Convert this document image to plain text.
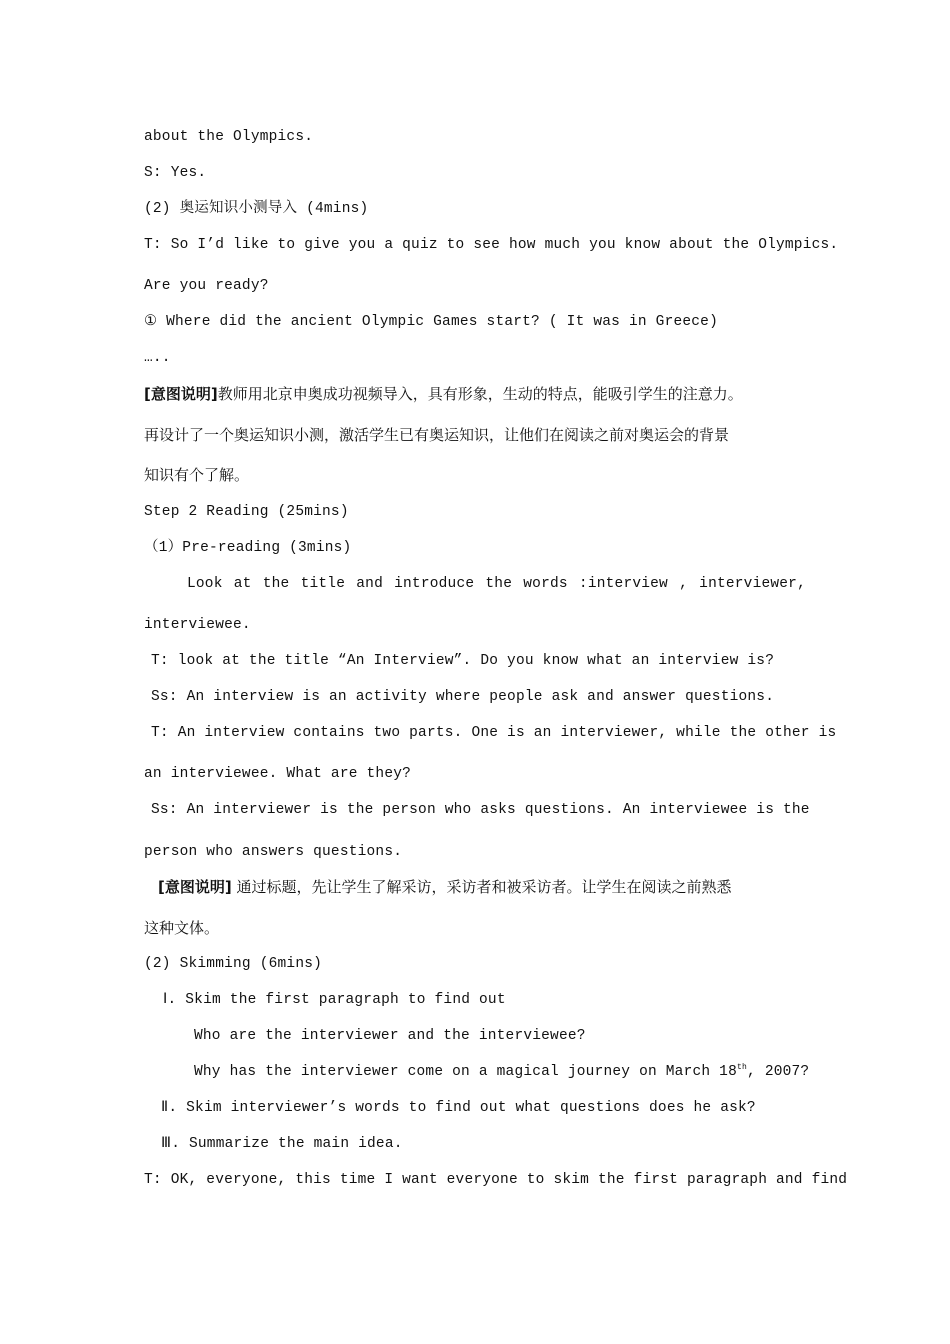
about the Olympics.
S: Yes.
(2) 奥运知识小测导入 (4mins)
T: So I’d like to give you a quiz to see how much you know about the Olympics.
Are you ready?
① Where did the ancient Olympic Games start? ( It was in Greece)
…..
[意图说明]教师用北京申奥成功视频导入，具有形象，生动的特点，能吸引学生的注意力。
再设计了一个奥运知识小测，激活学生已有奥运知识，让他们在阅读之前对奥运会的背景
知识有个了解。
Step 2 Reading (25mins)
（1）Pre-reading (3mins)
Look at the title and introduce the words :interview , interviewer,
interviewee.
T: look at the title “An Interview”. Do you know what an interview is?
Ss: An interview is an activity where people ask and answer questions.
T: An interview contains two parts. One is an interviewer, while the other is
an interviewee. What are they?
Ss: An interviewer is the person who asks questions. An interviewee is the
person who answers questions.
[意图说明] 通过标题，先让学生了解采访，采访者和被采访者。让学生在阅读之前熟悉
这种文体。
(2) Skimming (6mins)
Ⅰ. Skim the first paragraph to find out
Who are the interviewer and the interviewee?
Why has the interviewer come on a magical journey on March 18th, 2007?
Ⅱ. Skim interviewer’s words to find out what questions does he ask?
Ⅲ. Summarize the main idea.
T: OK, everyone, this time I want everyone to skim the first paragraph and find
